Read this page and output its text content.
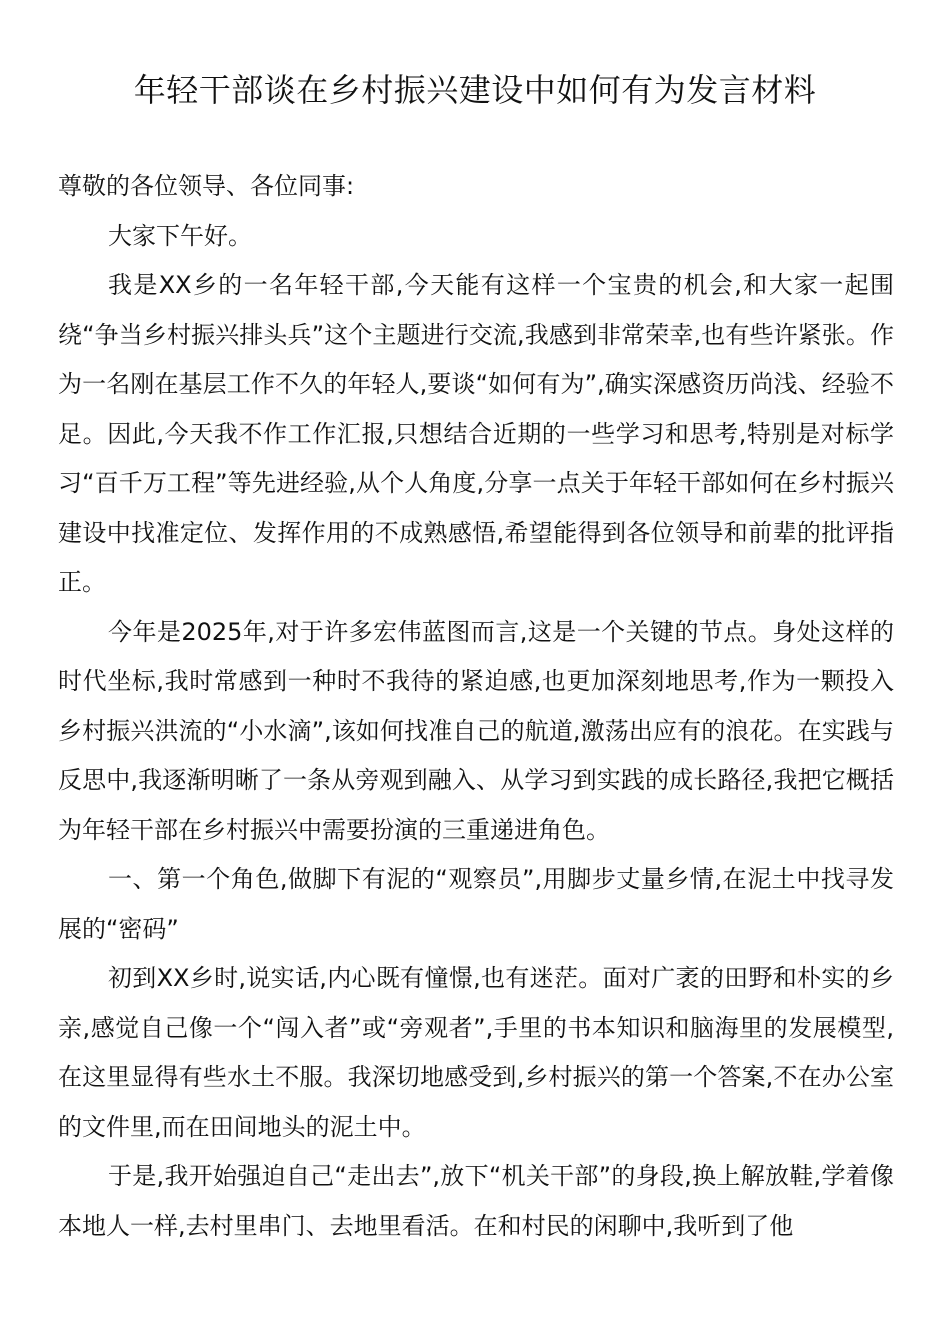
年轻干部谈在乡村振兴建设中如何有为发言材料

尊敬的各位领导、各位同事:

大家下午好。

我是XX乡的一名年轻干部,今天能有这样一个宝贵的机会,和大家一起围绕“争当乡村振兴排头兵”这个主题进行交流,我感到非常荣幸,也有些许紧张。作为一名刚在基层工作不久的年轻人,要谈“如何有为”,确实深感资历尚浅、经验不足。因此,今天我不作工作汇报,只想结合近期的一些学习和思考,特别是对标学习“百千万工程”等先进经验,从个人角度,分享一点关于年轻干部如何在乡村振兴建设中找准定位、发挥作用的不成熟感悟,希望能得到各位领导和前辈的批评指正。

今年是2025年,对于许多宏伟蓝图而言,这是一个关键的节点。身处这样的时代坐标,我时常感到一种时不我待的紧迫感,也更加深刻地思考,作为一颗投入乡村振兴洪流的“小水滴”,该如何找准自己的航道,激荡出应有的浪花。在实践与反思中,我逐渐明晰了一条从旁观到融入、从学习到实践的成长路径,我把它概括为年轻干部在乡村振兴中需要扮演的三重递进角色。

一、第一个角色,做脚下有泥的“观察员”,用脚步丈量乡情,在泥土中找寻发展的“密码”

初到XX乡时,说实话,内心既有憧憬,也有迷茫。面对广袤的田野和朴实的乡亲,感觉自己像一个“闯入者”或“旁观者”,手里的书本知识和脑海里的发展模型,在这里显得有些水土不服。我深切地感受到,乡村振兴的第一个答案,不在办公室的文件里,而在田间地头的泥土中。

于是,我开始强迫自己“走出去”,放下“机关干部”的身段,换上解放鞋,学着像本地人一样,去村里串门、去地里看活。在和村民的闲聊中,我听到了他
